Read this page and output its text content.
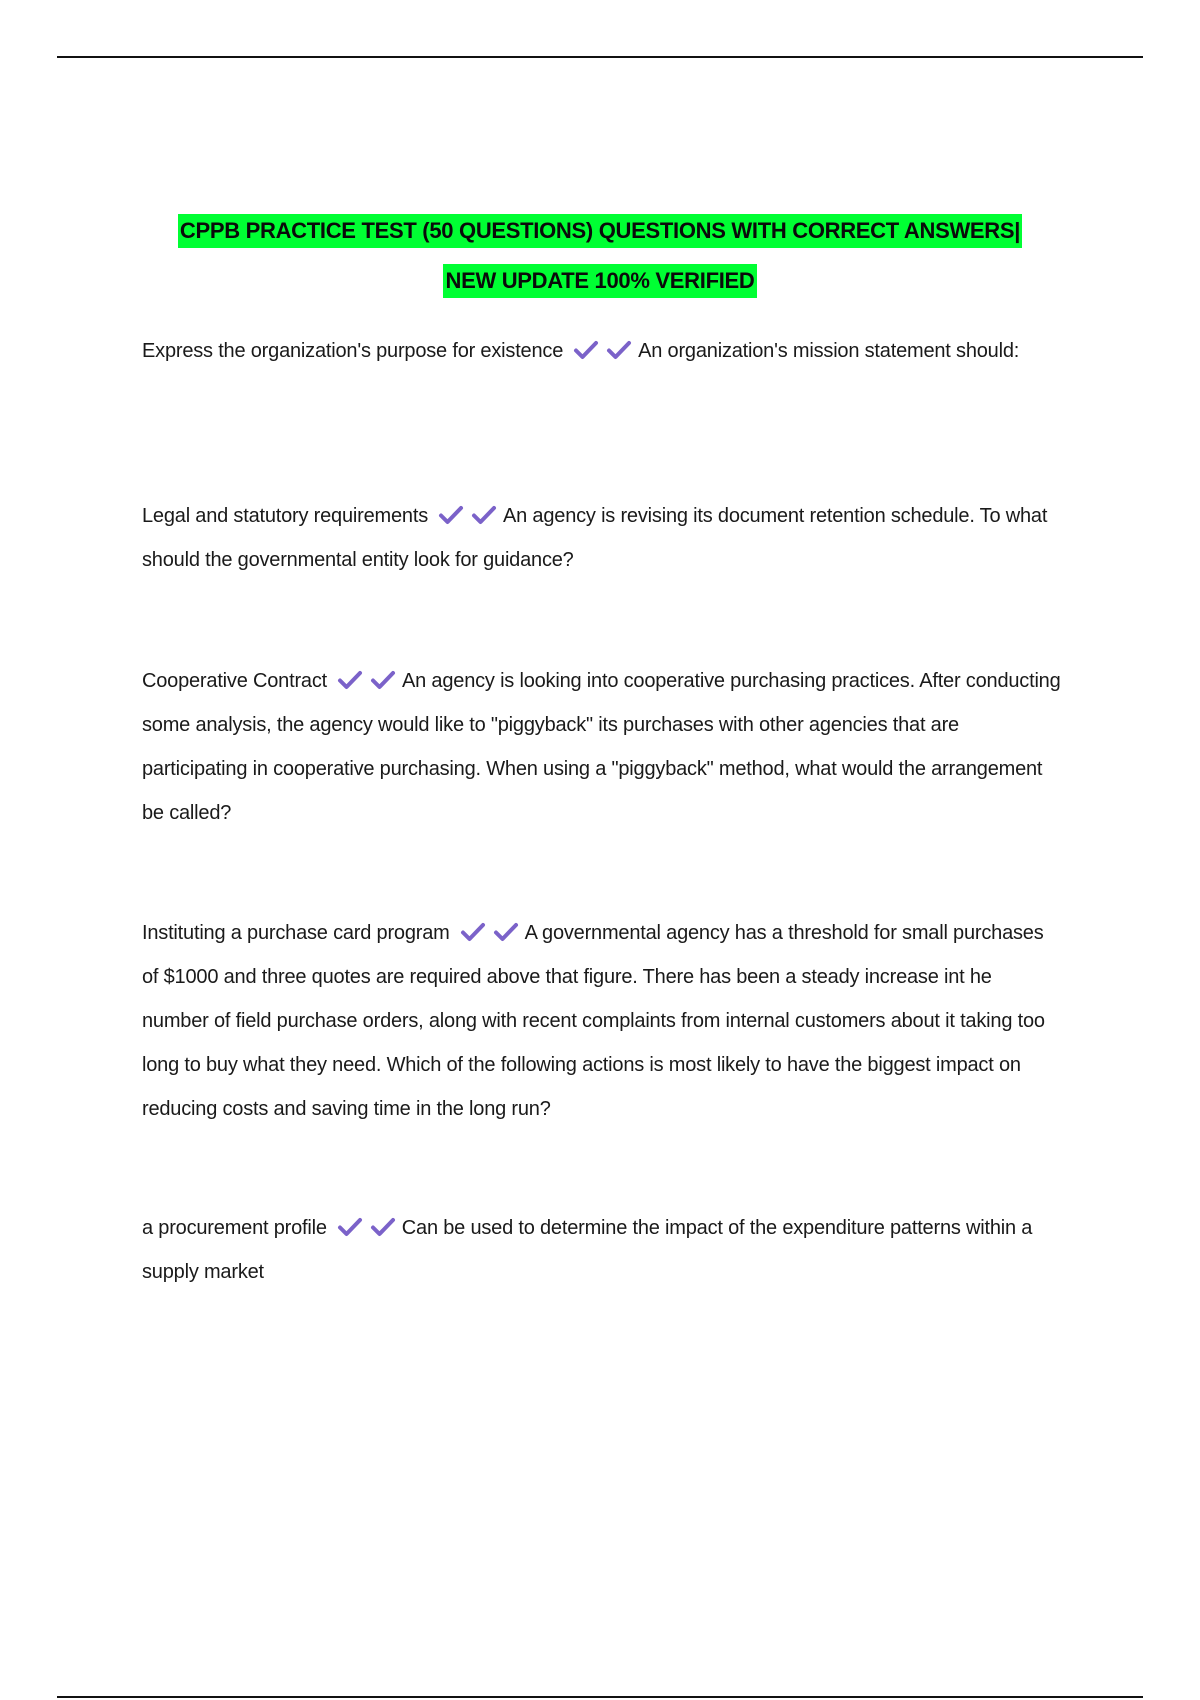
CPPB PRACTICE TEST (50 QUESTIONS) QUESTIONS WITH CORRECT ANSWERS|
NEW UPDATE 100% VERIFIED
Express the organization's purpose for existence	An organization's mission statement should:
Legal and statutory requirements	An agency is revising its document retention schedule. To what should the governmental entity look for guidance?
Cooperative Contract	An agency is looking into cooperative purchasing practices. After conducting some analysis, the agency would like to "piggyback" its purchases with other agencies that are participating in cooperative purchasing. When using a "piggyback" method, what would the arrangement be called?
Instituting a purchase card program	A governmental agency has a threshold for small purchases of $1000 and three quotes are required above that figure. There has been a steady increase int he number of field purchase orders, along with recent complaints from internal customers about it taking too long to buy what they need. Which of the following actions is most likely to have the biggest impact on reducing costs and saving time in the long run?
a procurement profile	Can be used to determine the impact of the expenditure patterns within a supply market
